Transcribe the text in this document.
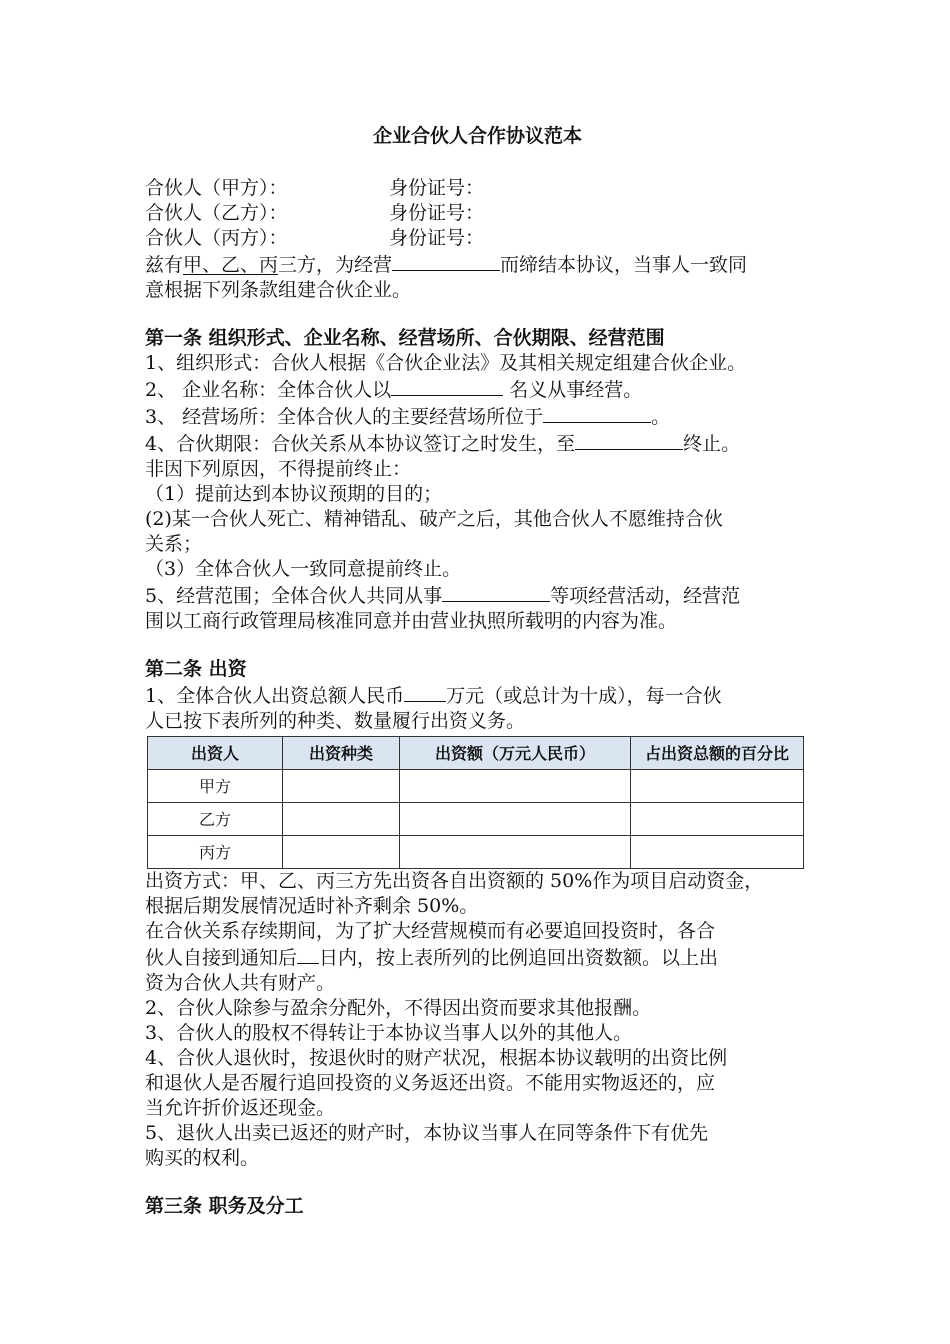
企业合伙人合作协议范本
合伙人（甲方）：	身份证号：
合伙人（乙方）：	身份证号：
合伙人（丙方）：	身份证号：
兹有甲、乙、丙三方，为经营	而缔结本协议，当事人一致同
意根据下列条款组建合伙企业。
第一条 组织形式、企业名称、经营场所、合伙期限、经营范围
1、组织形式：合伙人根据《合伙企业法》及其相关规定组建合伙企业。
2、 企业名称：全体合伙人以	名义从事经营。
3、 经营场所：全体合伙人的主要经营场所位于	。
4、合伙期限：合伙关系从本协议签订之时发生，至	终止。
非因下列原因，不得提前终止：
（1）提前达到本协议预期的目的；
(2)某一合伙人死亡、精神错乱、破产之后，其他合伙人不愿维持合伙
关系；
（3）全体合伙人一致同意提前终止。
5、经营范围；全体合伙人共同从事	等项经营活动，经营范
围以工商行政管理局核准同意并由营业执照所载明的内容为准。
第二条 出资
1、全体合伙人出资总额人民币 万元（或总计为十成），每一合伙
人已按下表所列的种类、数量履行出资义务。
出资人	出资种类	出资额（万元人民币）	占出资总额的百分比
甲方			
乙方			
丙方			
出资方式：甲、乙、丙三方先出资各自出资额的 50%作为项目启动资金，
根据后期发展情况适时补齐剩余 50%。
在合伙关系存续期间，为了扩大经营规模而有必要追回投资时，各合
伙人自接到通知后 日内，按上表所列的比例追回出资数额。以上出
资为合伙人共有财产。
2、合伙人除参与盈余分配外，不得因出资而要求其他报酬。
3、合伙人的股权不得转让于本协议当事人以外的其他人。
4、合伙人退伙时，按退伙时的财产状况，根据本协议载明的出资比例
和退伙人是否履行追回投资的义务返还出资。不能用实物返还的，应
当允许折价返还现金。
5、退伙人出卖已返还的财产时，本协议当事人在同等条件下有优先
购买的权利。
第三条 职务及分工
